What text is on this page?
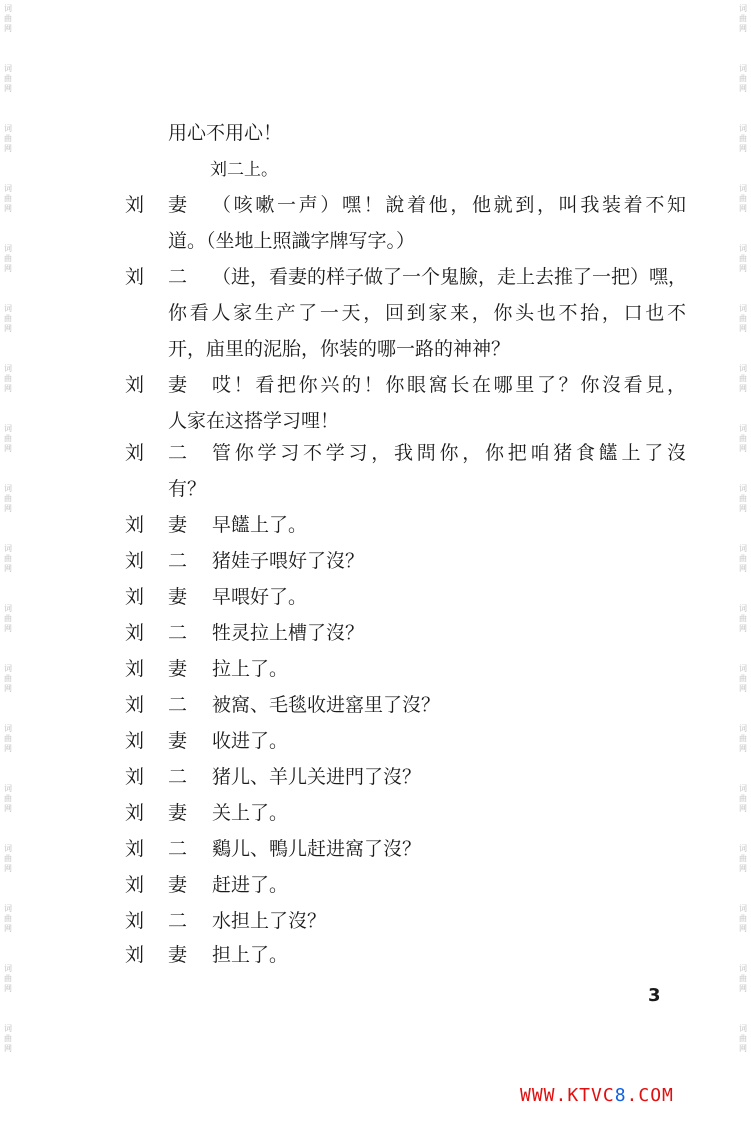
词
曲
网
词
曲
网
词
曲
网
词
曲
网
词
曲
网
词
曲
网
词
曲
网
词
曲
网
词
曲
网
词
曲
网
词
曲
网
词
曲
网
词
曲
网
词
曲
网
词
曲
网
词
曲
网
词
曲
网
词
曲
网
词
曲
网
词
曲
网
词
曲
网
词
曲
网
词
曲
网
词
曲
网
词
曲
网
词
曲
网
词
曲
网
词
曲
网
词
曲
网
词
曲
网
词
曲
网
词
曲
网
词
曲
网
词
曲
网
词
曲
网
词
曲
网
用心不用心！
刘二上。
刘	妻	（咳嗽一声）嘿！說着他，他就到，叫我装着不知
道。（坐地上照識字牌写字。）
刘	二	（进，看妻的样子做了一个鬼臉，走上去推了一把）嘿，
你看人家生产了一天，回到家来，你头也不抬，口也不
开，庙里的泥胎，你装的哪一路的神神？
刘	妻	哎！看把你兴的！你眼窩长在哪里了？你沒看見，
人家在这搭学习哩！
刘	二	管你学习不学习，我問你，你把咱猪食饚上了沒
有？
刘	妻	早饚上了。
刘	二	猪娃子喂好了沒？
刘	妻	早喂好了。
刘	二	牲灵拉上槽了沒？
刘	妻	拉上了。
刘	二	被窩、毛毯收进窰里了沒？
刘	妻	收进了。
刘	二	猪儿、羊儿关进門了沒？
刘	妻	关上了。
刘	二	鷄儿、鴨儿赶进窩了沒？
刘	妻	赶进了。
刘	二	水担上了沒？
刘	妻	担上了。
3
WWW.KTVC8.COM
